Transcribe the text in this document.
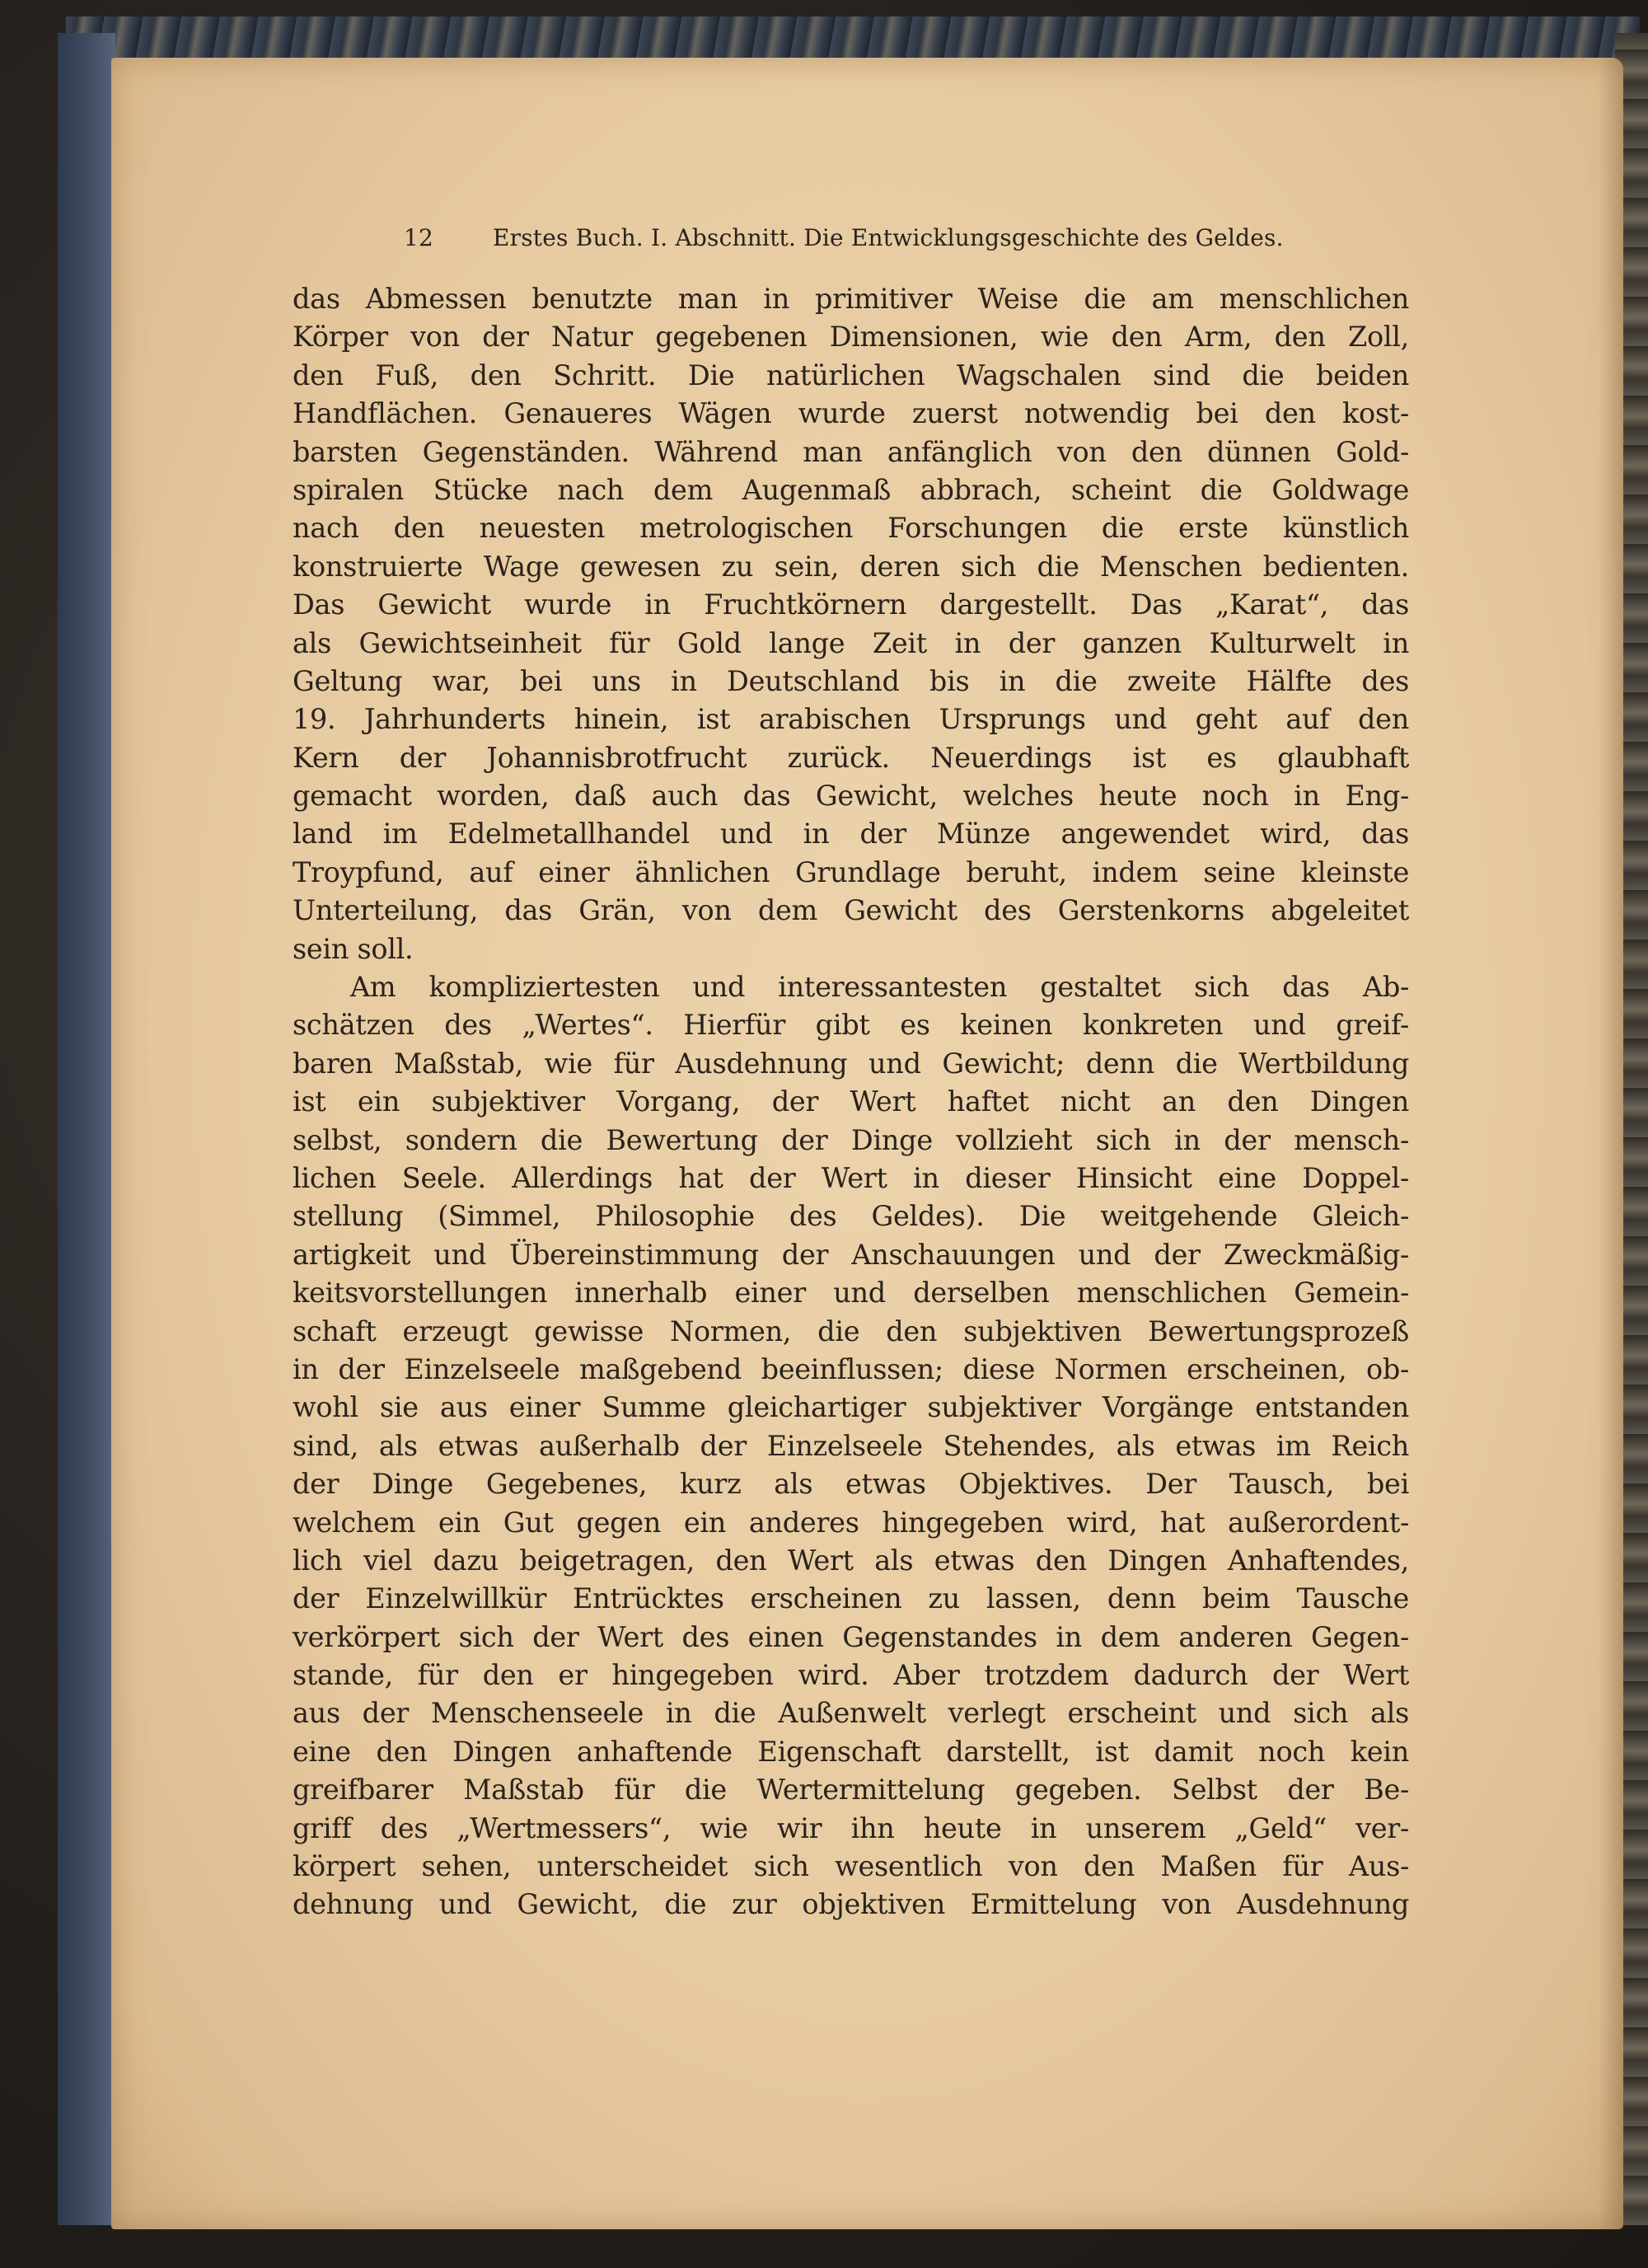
12	Erstes Buch. I. Abschnitt. Die Entwicklungsgeschichte des Geldes.
das Abmessen benutzte man in primitiver Weise die am menschlichen
Körper von der Natur gegebenen Dimensionen, wie den Arm, den Zoll,
den Fuß, den Schritt. Die natürlichen Wagschalen sind die beiden
Handflächen. Genaueres Wägen wurde zuerst notwendig bei den kost-
barsten Gegenständen. Während man anfänglich von den dünnen Gold-
spiralen Stücke nach dem Augenmaß abbrach, scheint die Goldwage
nach den neuesten metrologischen Forschungen die erste künstlich
konstruierte Wage gewesen zu sein, deren sich die Menschen bedienten.
Das Gewicht wurde in Fruchtkörnern dargestellt. Das „Karat“, das
als Gewichtseinheit für Gold lange Zeit in der ganzen Kulturwelt in
Geltung war, bei uns in Deutschland bis in die zweite Hälfte des
19. Jahrhunderts hinein, ist arabischen Ursprungs und geht auf den
Kern der Johannisbrotfrucht zurück. Neuerdings ist es glaubhaft
gemacht worden, daß auch das Gewicht, welches heute noch in Eng-
land im Edelmetallhandel und in der Münze angewendet wird, das
Troypfund, auf einer ähnlichen Grundlage beruht, indem seine kleinste
Unterteilung, das Grän, von dem Gewicht des Gerstenkorns abgeleitet
sein soll.
Am kompliziertesten und interessantesten gestaltet sich das Ab-
schätzen des „Wertes“. Hierfür gibt es keinen konkreten und greif-
baren Maßstab, wie für Ausdehnung und Gewicht; denn die Wertbildung
ist ein subjektiver Vorgang, der Wert haftet nicht an den Dingen
selbst, sondern die Bewertung der Dinge vollzieht sich in der mensch-
lichen Seele. Allerdings hat der Wert in dieser Hinsicht eine Doppel-
stellung (Simmel, Philosophie des Geldes). Die weitgehende Gleich-
artigkeit und Übereinstimmung der Anschauungen und der Zweckmäßig-
keitsvorstellungen innerhalb einer und derselben menschlichen Gemein-
schaft erzeugt gewisse Normen, die den subjektiven Bewertungsprozeß
in der Einzelseele maßgebend beeinflussen; diese Normen erscheinen, ob-
wohl sie aus einer Summe gleichartiger subjektiver Vorgänge entstanden
sind, als etwas außerhalb der Einzelseele Stehendes, als etwas im Reich
der Dinge Gegebenes, kurz als etwas Objektives. Der Tausch, bei
welchem ein Gut gegen ein anderes hingegeben wird, hat außerordent-
lich viel dazu beigetragen, den Wert als etwas den Dingen Anhaftendes,
der Einzelwillkür Entrücktes erscheinen zu lassen, denn beim Tausche
verkörpert sich der Wert des einen Gegenstandes in dem anderen Gegen-
stande, für den er hingegeben wird. Aber trotzdem dadurch der Wert
aus der Menschenseele in die Außenwelt verlegt erscheint und sich als
eine den Dingen anhaftende Eigenschaft darstellt, ist damit noch kein
greifbarer Maßstab für die Wertermittelung gegeben. Selbst der Be-
griff des „Wertmessers“, wie wir ihn heute in unserem „Geld“ ver-
körpert sehen, unterscheidet sich wesentlich von den Maßen für Aus-
dehnung und Gewicht, die zur objektiven Ermittelung von Ausdehnung
